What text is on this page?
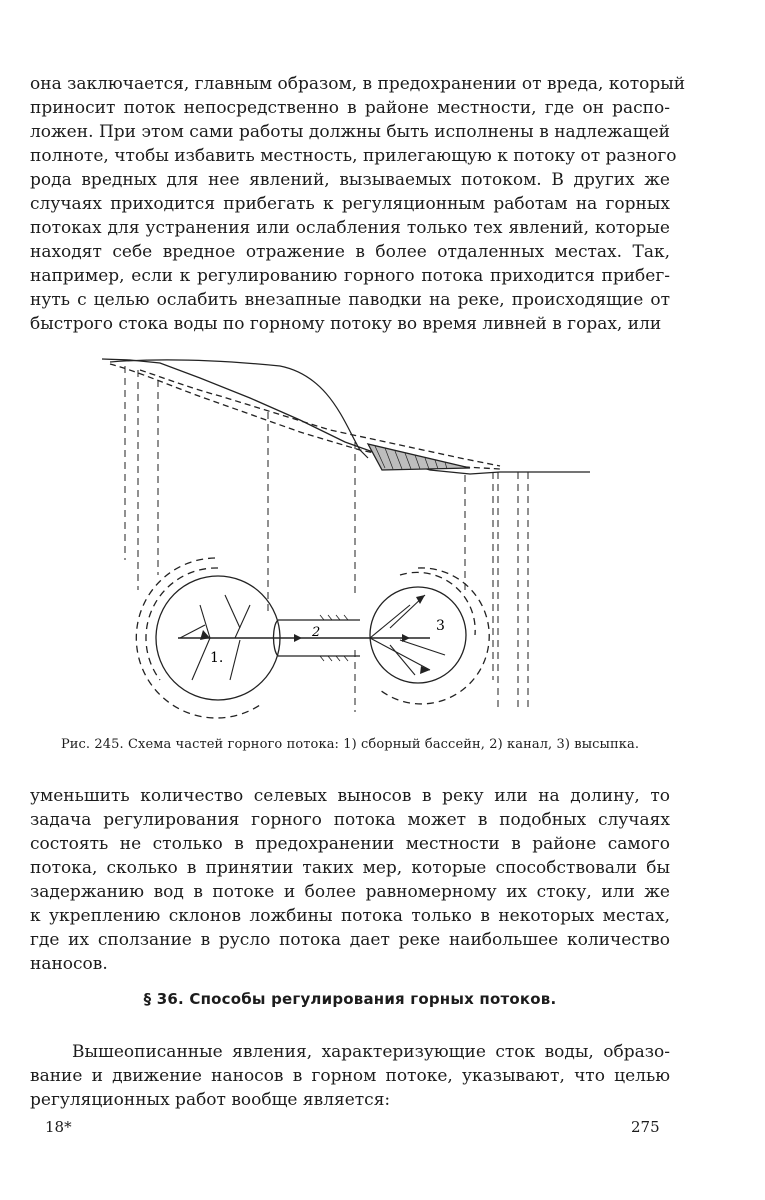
она заключается, главным образом, в предохранении от вреда, который
приносит поток непосредственно в районе местности, где он распо-
ложен. При этом сами работы должны быть исполнены в надлежащей
полноте, чтобы избавить местность, прилегающую к потоку от разного
рода вредных для нее явлений, вызываемых потоком. В других же
случаях приходится прибегать к регуляционным работам на горных
потоках для устранения или ослабления только тех явлений, которые
находят себе вредное отражение в более отдаленных местах. Так,
например, если к регулированию горного потока приходится прибег-
нуть с целью ослабить внезапные паводки на реке, происходящие от
быстрого стока воды по горному потоку во время ливней в горах, или
1.
2	3
Рис. 245. Схема частей горного потока: 1) сборный бассейн, 2) канал, 3) высыпка.
уменьшить количество селевых выносов в реку или на долину, то
задача регулирования горного потока может в подобных случаях
состоять не столько в предохранении местности в районе самого
потока, сколько в принятии таких мер, которые способствовали бы
задержанию вод в потоке и более равномерному их стоку, или же
к укреплению склонов ложбины потока только в некоторых местах,
где их сползание в русло потока дает реке наибольшее количество
наносов.
§ 36. Способы регулирования горных потоков.
Вышеописанные явления, характеризующие сток воды, образо-
вание и движение наносов в горном потоке, указывают, что целью
регуляционных работ вообще является:
18*	275
